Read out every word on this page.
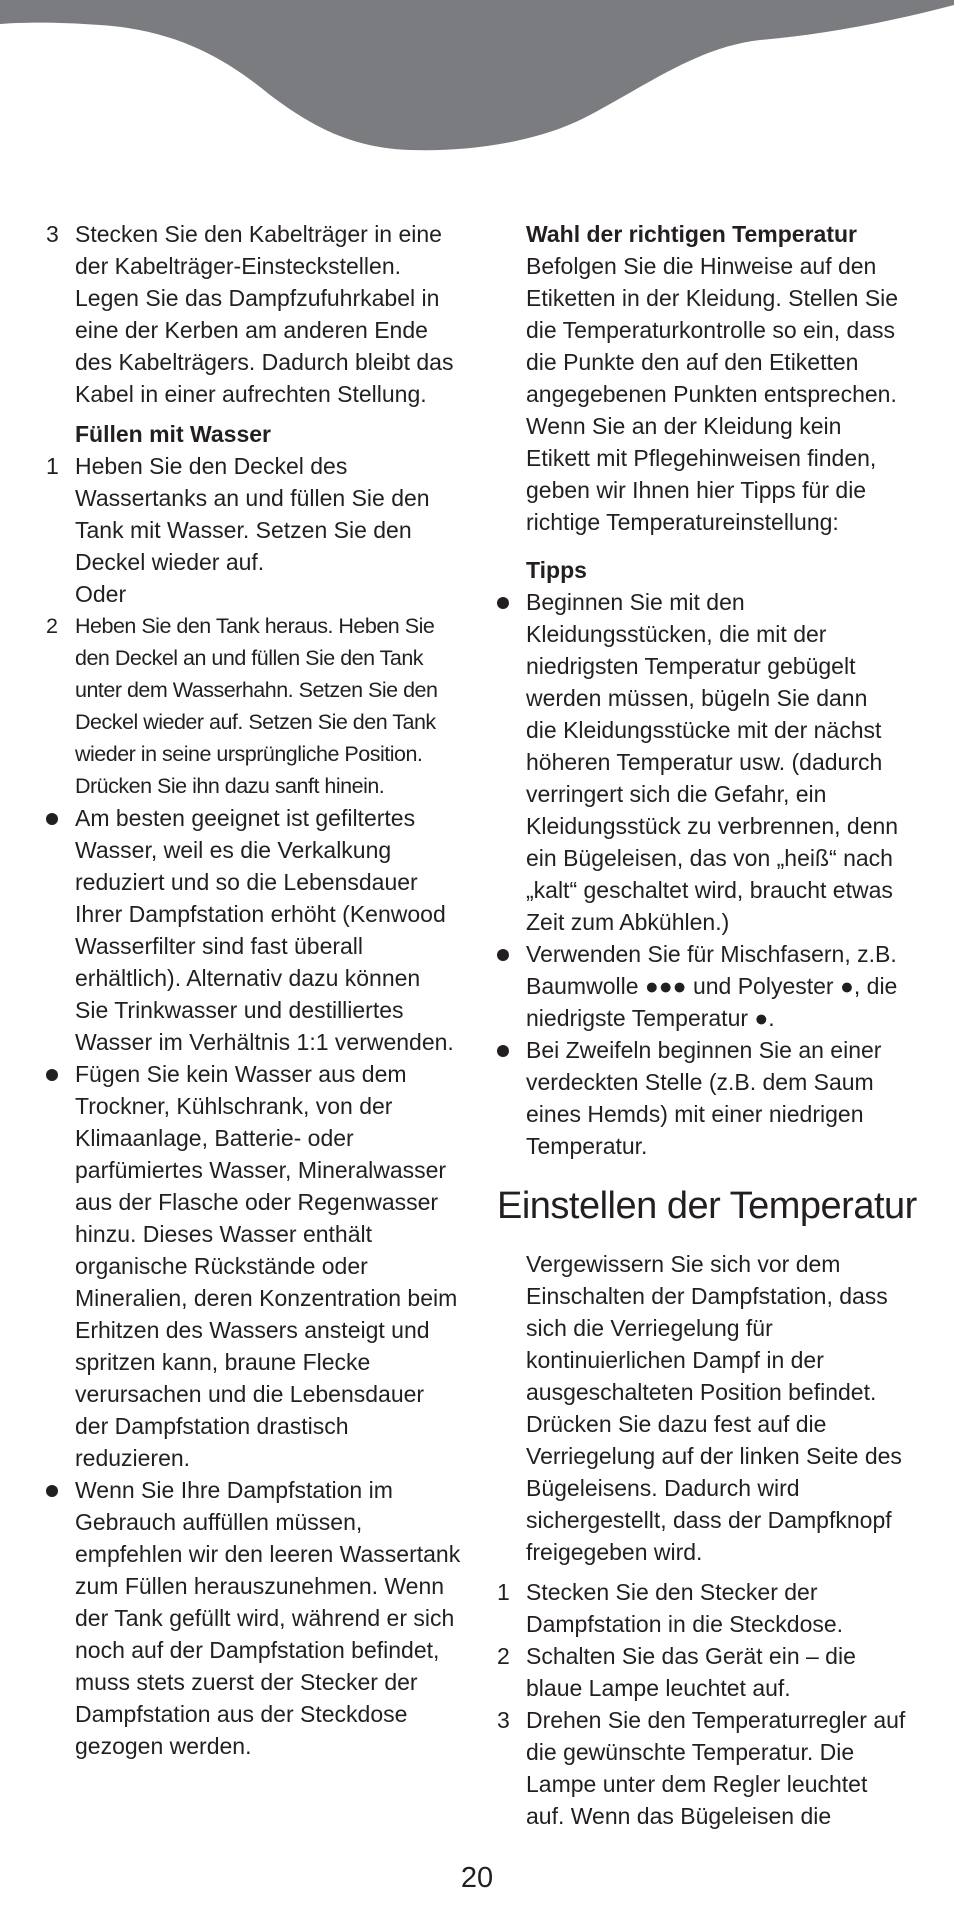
3 Stecken Sie den Kabelträger in eine
der Kabelträger-Einsteckstellen.
Legen Sie das Dampfzufuhrkabel in
eine der Kerben am anderen Ende
des Kabelträgers. Dadurch bleibt das
Kabel in einer aufrechten Stellung.
Füllen mit Wasser
1 Heben Sie den Deckel des
Wassertanks an und füllen Sie den
Tank mit Wasser. Setzen Sie den
Deckel wieder auf.
Oder
2 Heben Sie den Tank heraus. Heben Sie
den Deckel an und füllen Sie den Tank
unter dem Wasserhahn. Setzen Sie den
Deckel wieder auf. Setzen Sie den Tank
wieder in seine ursprüngliche Position.
Drücken Sie ihn dazu sanft hinein.
Am besten geeignet ist gefiltertes
Wasser, weil es die Verkalkung
reduziert und so die Lebensdauer
Ihrer Dampfstation erhöht (Kenwood
Wasserfilter sind fast überall
erhältlich). Alternativ dazu können
Sie Trinkwasser und destilliertes
Wasser im Verhältnis 1:1 verwenden.
Fügen Sie kein Wasser aus dem
Trockner, Kühlschrank, von der
Klimaanlage, Batterie- oder
parfümiertes Wasser, Mineralwasser
aus der Flasche oder Regenwasser
hinzu. Dieses Wasser enthält
organische Rückstände oder
Mineralien, deren Konzentration beim
Erhitzen des Wassers ansteigt und
spritzen kann, braune Flecke
verursachen und die Lebensdauer
der Dampfstation drastisch
reduzieren.
Wenn Sie Ihre Dampfstation im
Gebrauch auffüllen müssen,
empfehlen wir den leeren Wassertank
zum Füllen herauszunehmen. Wenn
der Tank gefüllt wird, während er sich
noch auf der Dampfstation befindet,
muss stets zuerst der Stecker der
Dampfstation aus der Steckdose
gezogen werden.
Wahl der richtigen Temperatur
Befolgen Sie die Hinweise auf den
Etiketten in der Kleidung. Stellen Sie
die Temperaturkontrolle so ein, dass
die Punkte den auf den Etiketten
angegebenen Punkten entsprechen.
Wenn Sie an der Kleidung kein
Etikett mit Pflegehinweisen finden,
geben wir Ihnen hier Tipps für die
richtige Temperatureinstellung:
Tipps
Beginnen Sie mit den
Kleidungsstücken, die mit der
niedrigsten Temperatur gebügelt
werden müssen, bügeln Sie dann
die Kleidungsstücke mit der nächst
höheren Temperatur usw. (dadurch
verringert sich die Gefahr, ein
Kleidungsstück zu verbrennen, denn
ein Bügeleisen, das von „heiß“ nach
„kalt“ geschaltet wird, braucht etwas
Zeit zum Abkühlen.)
Verwenden Sie für Mischfasern, z.B.
Baumwolle ●●● und Polyester ●, die
niedrigste Temperatur ●.
Bei Zweifeln beginnen Sie an einer
verdeckten Stelle (z.B. dem Saum
eines Hemds) mit einer niedrigen
Temperatur.
Einstellen der Temperatur
Vergewissern Sie sich vor dem
Einschalten der Dampfstation, dass
sich die Verriegelung für
kontinuierlichen Dampf in der
ausgeschalteten Position befindet.
Drücken Sie dazu fest auf die
Verriegelung auf der linken Seite des
Bügeleisens. Dadurch wird
sichergestellt, dass der Dampfknopf
freigegeben wird.
1 Stecken Sie den Stecker der
Dampfstation in die Steckdose.
2 Schalten Sie das Gerät ein – die
blaue Lampe leuchtet auf.
3 Drehen Sie den Temperaturregler auf
die gewünschte Temperatur. Die
Lampe unter dem Regler leuchtet
auf. Wenn das Bügeleisen die
20
